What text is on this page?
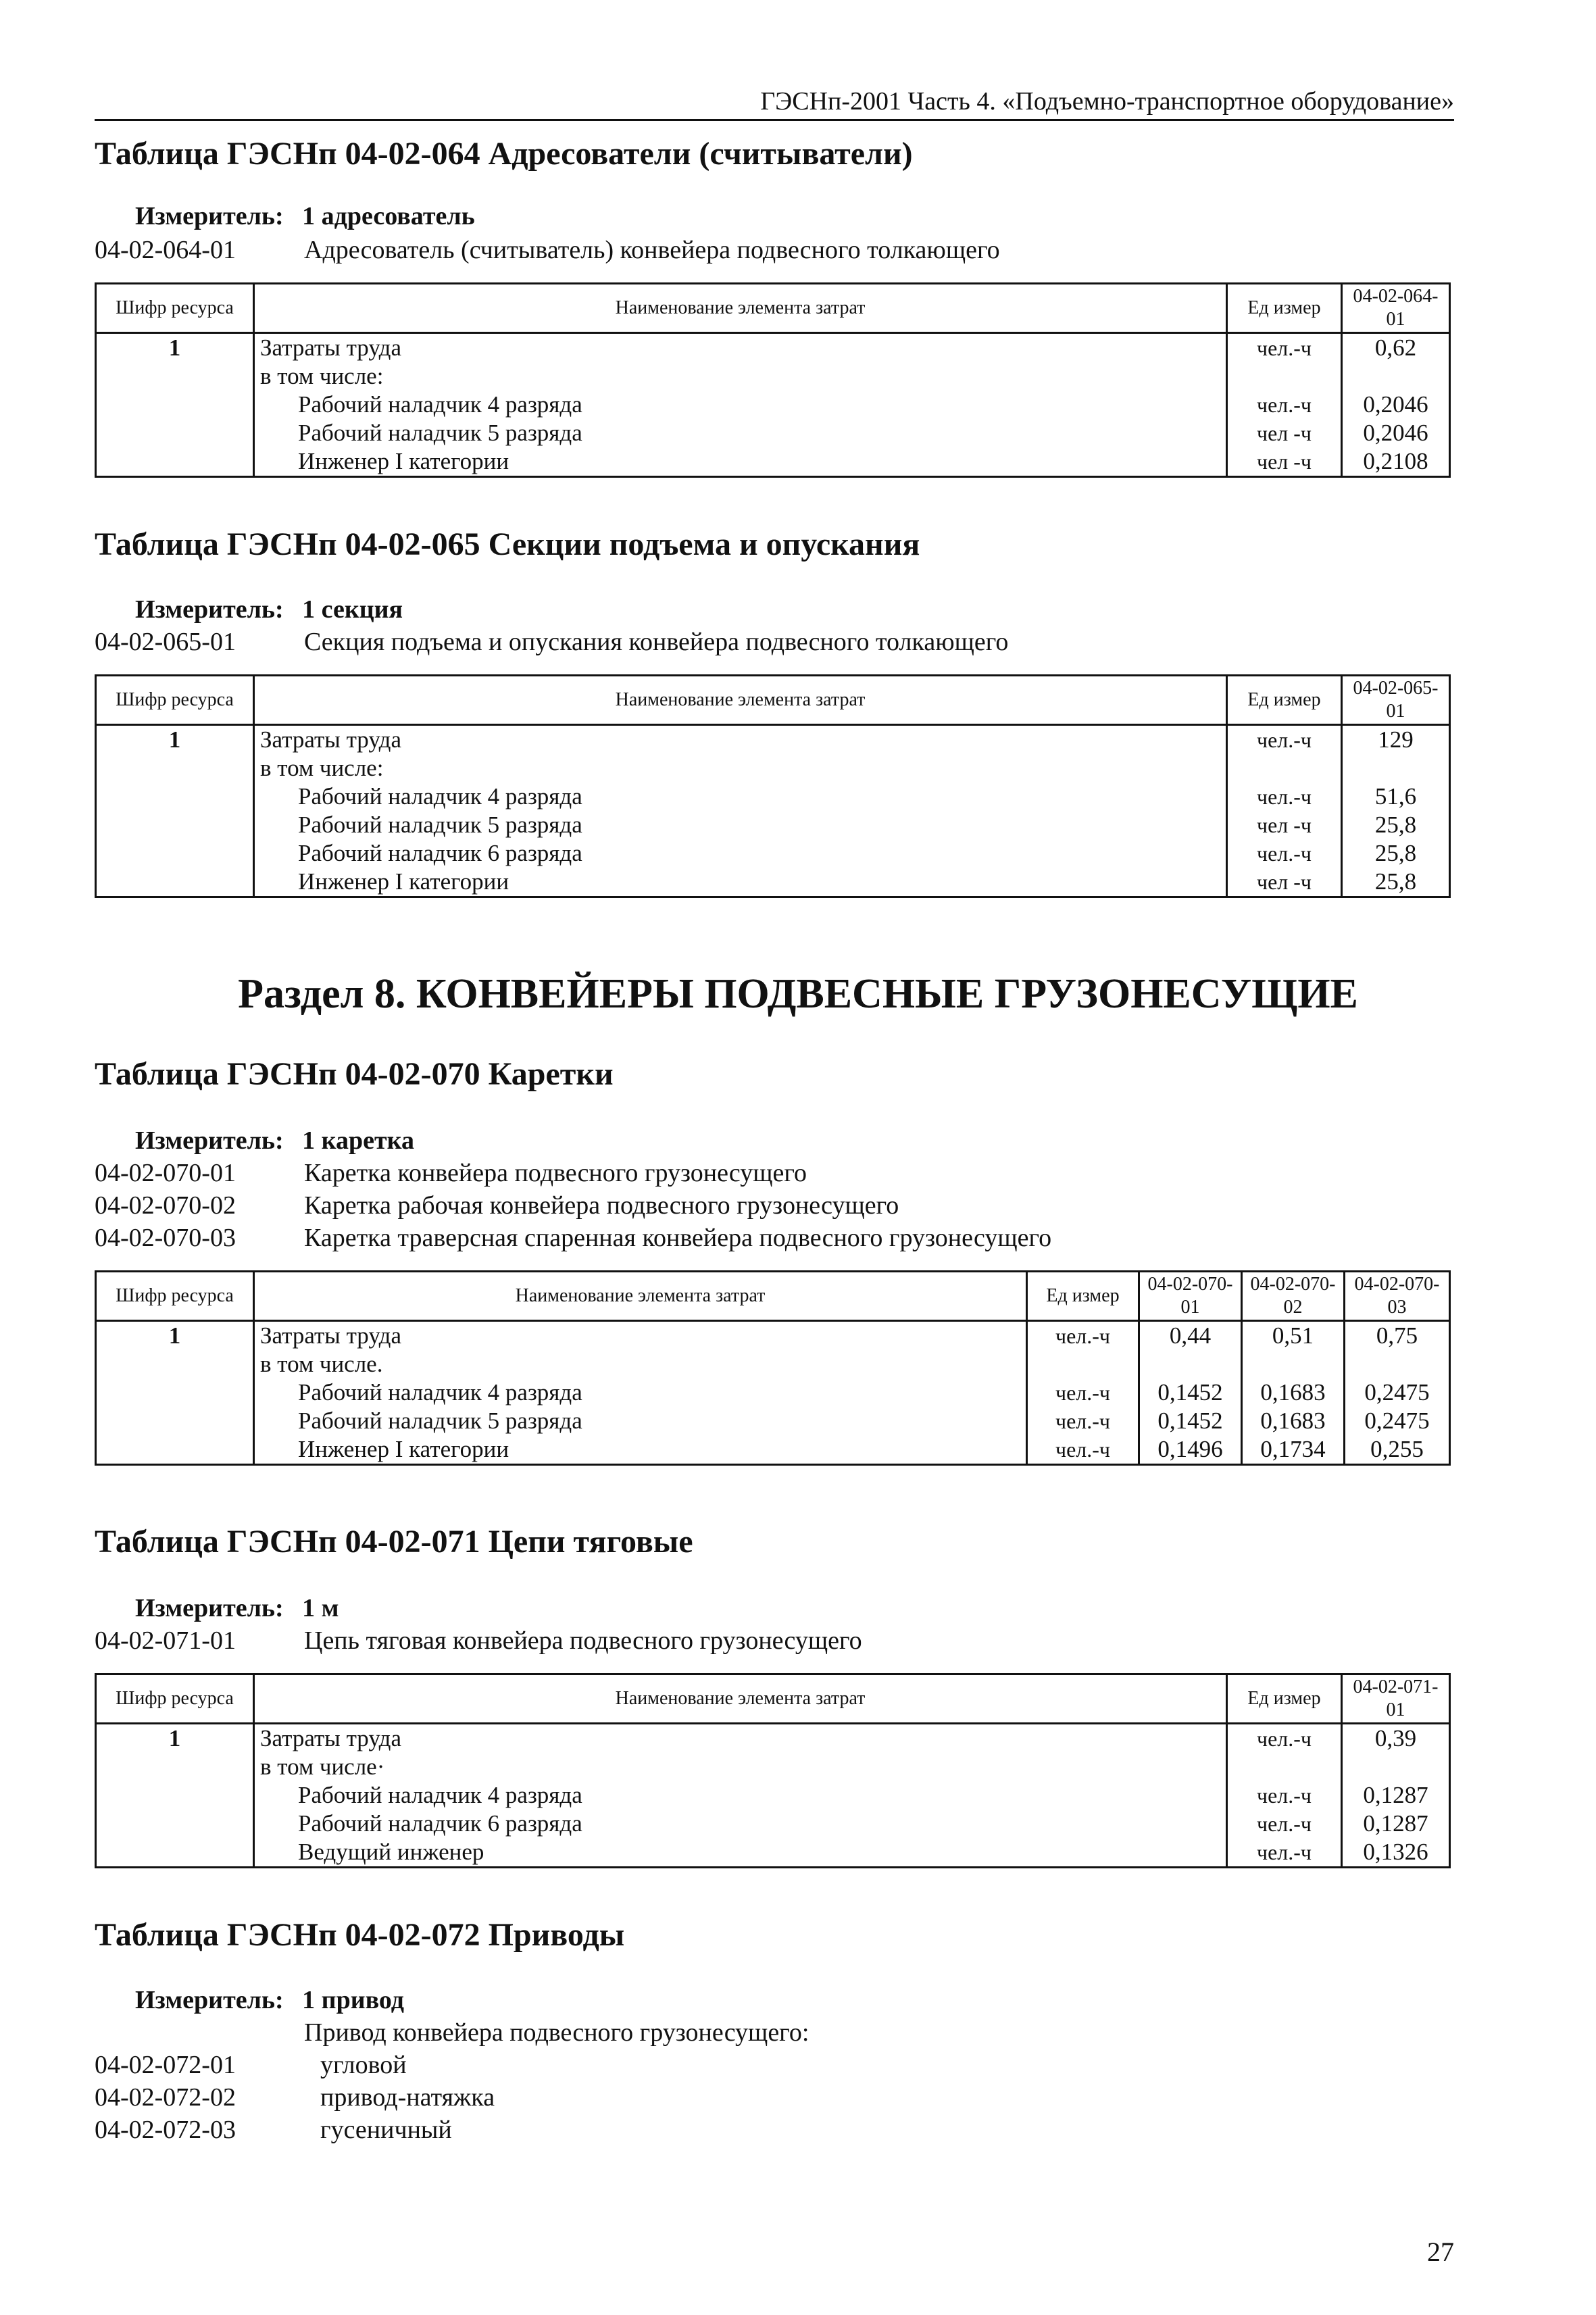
ГЭСНп-2001 Часть 4. «Подъемно-транспортное оборудование»
Таблица ГЭСНп 04-02-064 Адресователи (считыватели)
Измеритель: 1 адресователь
04-02-064-01	Адресователь (считыватель) конвейера подвесного толкающего
Шифр ресурса	Наименование элемента затрат	Ед измер	04-02-064-01
1	Затраты труда	чел.-ч	0,62
	в том числе:		
	Рабочий наладчик 4 разряда	чел.-ч	0,2046
	Рабочий наладчик 5 разряда	чел -ч	0,2046
	Инженер I категории	чел -ч	0,2108
Таблица ГЭСНп 04-02-065 Секции подъема и опускания
Измеритель: 1 секция
04-02-065-01	Секция подъема и опускания конвейера подвесного толкающего
Шифр ресурса	Наименование элемента затрат	Ед измер	04-02-065-01
1	Затраты труда	чел.-ч	129
	в том числе:		
	Рабочий наладчик 4 разряда	чел.-ч	51,6
	Рабочий наладчик 5 разряда	чел -ч	25,8
	Рабочий наладчик 6 разряда	чел.-ч	25,8
	Инженер I категории	чел -ч	25,8
Раздел 8. КОНВЕЙЕРЫ ПОДВЕСНЫЕ ГРУЗОНЕСУЩИЕ
Таблица ГЭСНп 04-02-070 Каретки
Измеритель: 1 каретка
04-02-070-01	Каретка конвейера подвесного грузонесущего
04-02-070-02	Каретка рабочая конвейера подвесного грузонесущего
04-02-070-03	Каретка траверсная спаренная конвейера подвесного грузонесущего
Шифр ресурса	Наименование элемента затрат	Ед измер	04-02-070-01	04-02-070-02	04-02-070-03
1	Затраты труда	чел.-ч	0,44	0,51	0,75
	в том числе.				
	Рабочий наладчик 4 разряда	чел.-ч	0,1452	0,1683	0,2475
	Рабочий наладчик 5 разряда	чел.-ч	0,1452	0,1683	0,2475
	Инженер I категории	чел.-ч	0,1496	0,1734	0,255
Таблица ГЭСНп 04-02-071 Цепи тяговые
Измеритель: 1 м
04-02-071-01	Цепь тяговая конвейера подвесного грузонесущего
Шифр ресурса	Наименование элемента затрат	Ед измер	04-02-071-01
1	Затраты труда	чел.-ч	0,39
	в том числе·		
	Рабочий наладчик 4 разряда	чел.-ч	0,1287
	Рабочий наладчик 6 разряда	чел.-ч	0,1287
	Ведущий инженер	чел.-ч	0,1326
Таблица ГЭСНп 04-02-072 Приводы
Измеритель: 1 привод
Привод конвейера подвесного грузонесущего:
04-02-072-01	угловой
04-02-072-02	привод-натяжка
04-02-072-03	гусеничный
27
